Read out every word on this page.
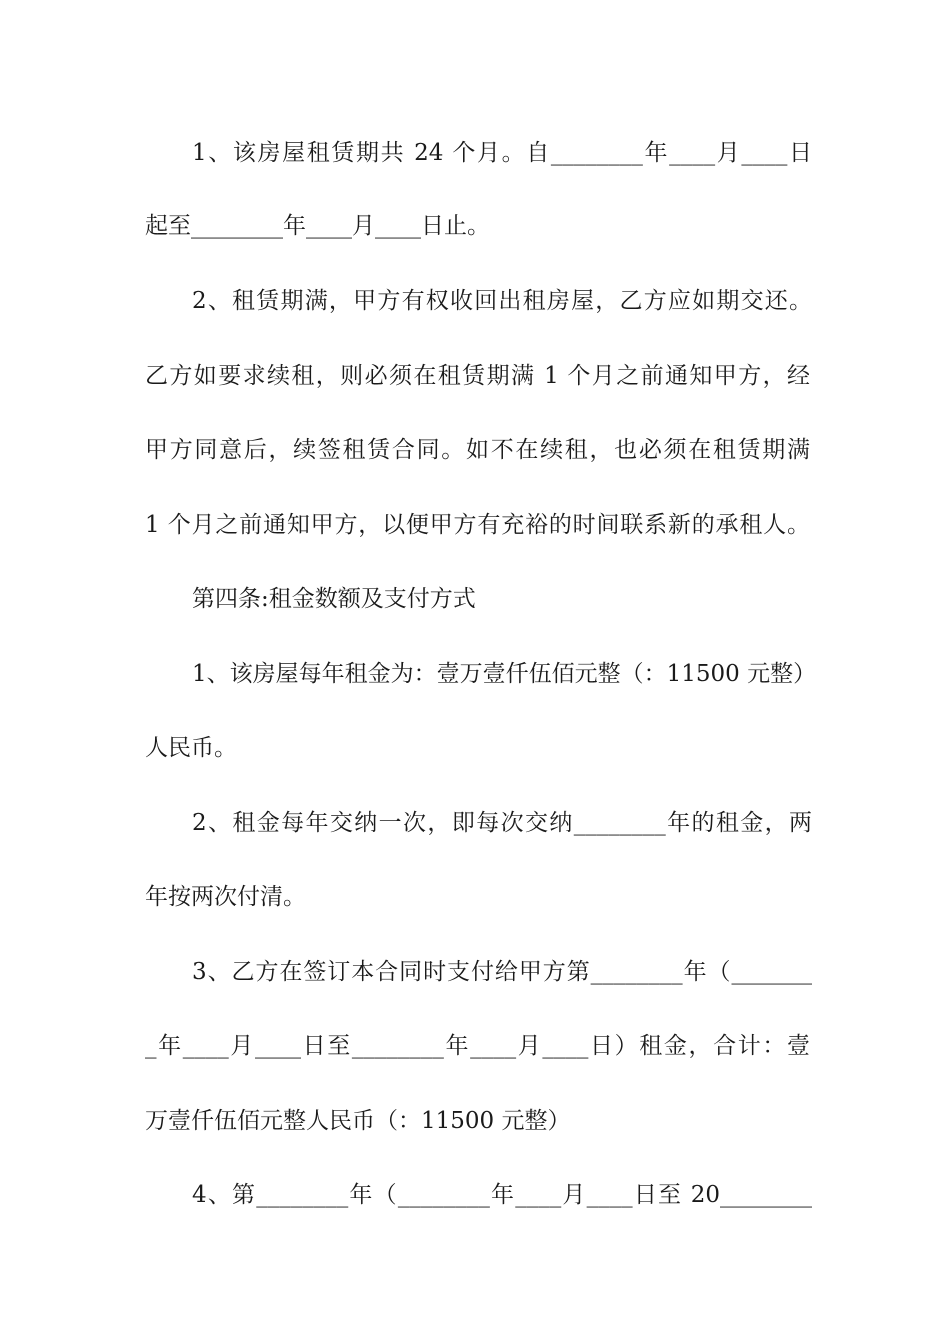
1、该房屋租赁期共 24 个月。自________年____月____日
起至________年____月____日止。
2、租赁期满，甲方有权收回出租房屋，乙方应如期交还。
乙方如要求续租，则必须在租赁期满 1 个月之前通知甲方，经
甲方同意后，续签租赁合同。如不在续租，也必须在租赁期满
1 个月之前通知甲方，以便甲方有充裕的时间联系新的承租人。
第四条:租金数额及支付方式
1、该房屋每年租金为：壹万壹仟伍佰元整（：11500 元整）
人民币。
2、租金每年交纳一次，即每次交纳________年的租金，两
年按两次付清。
3、乙方在签订本合同时支付给甲方第________年（_______
_年____月____日至________年____月____日）租金，合计：壹
万壹仟伍佰元整人民币（：11500 元整）
4、第________年（________年____月____日至 20________
